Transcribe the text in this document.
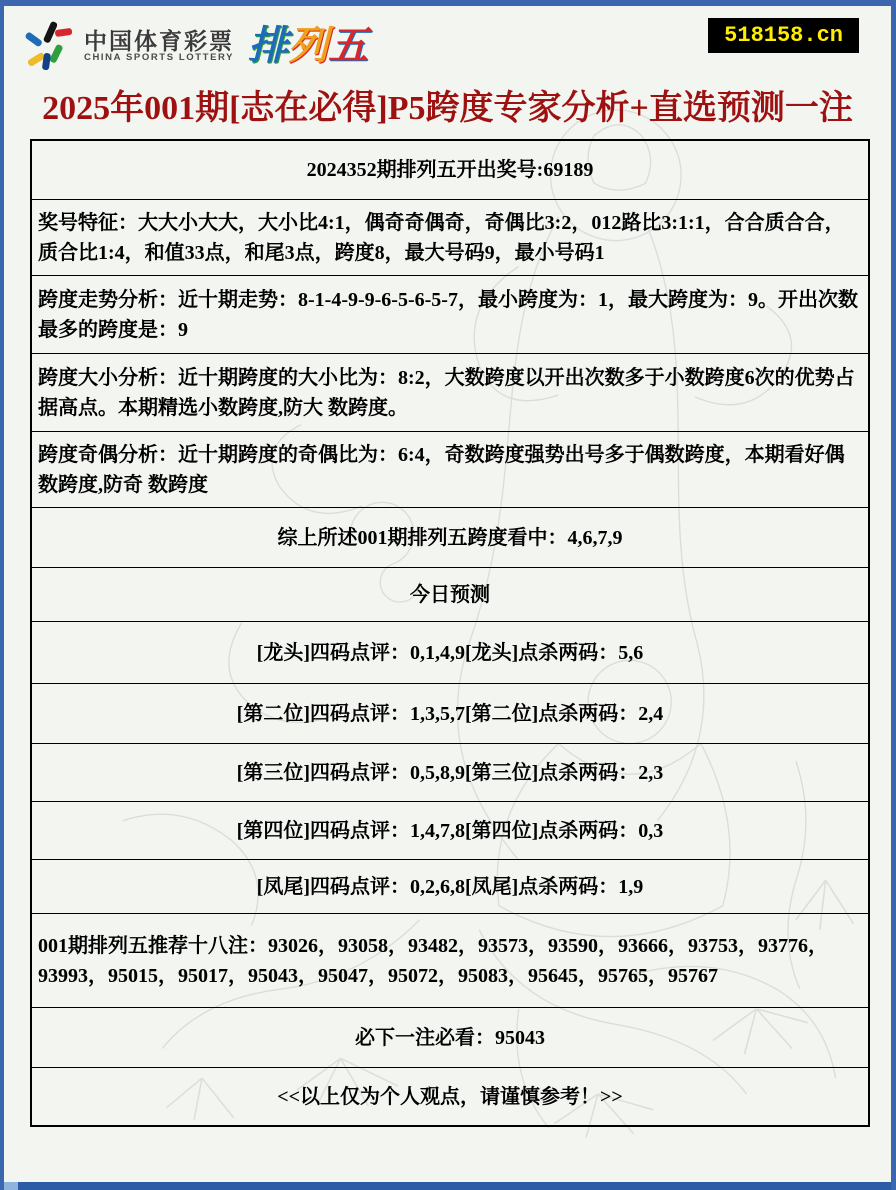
中国体育彩票
CHINA SPORTS LOTTERY 排 列 五	518158.cn
2025年001期[志在必得]P5跨度专家分析+直选预测一注
2024352期排列五开出奖号:69189
奖号特征：大大小大大，大小比4:1，偶奇奇偶奇，奇偶比3:2，012路比3:1:1，合合质合合，质合比1:4，和值33点，和尾3点，跨度8，最大号码9，最小号码1
跨度走势分析：近十期走势：8-1-4-9-9-6-5-6-5-7，最小跨度为：1，最大跨度为：9。开出次数最多的跨度是：9
跨度大小分析：近十期跨度的大小比为：8:2，大数跨度以开出次数多于小数跨度6次的优势占据高点。本期精选小数跨度,防大 数跨度。
跨度奇偶分析：近十期跨度的奇偶比为：6:4，奇数跨度强势出号多于偶数跨度，本期看好偶数跨度,防奇 数跨度
综上所述001期排列五跨度看中：4,6,7,9
今日预测
[龙头]四码点评：0,1,4,9[龙头]点杀两码：5,6
[第二位]四码点评：1,3,5,7[第二位]点杀两码：2,4
[第三位]四码点评：0,5,8,9[第三位]点杀两码：2,3
[第四位]四码点评：1,4,7,8[第四位]点杀两码：0,3
[凤尾]四码点评：0,2,6,8[凤尾]点杀两码：1,9
001期排列五推荐十八注：93026，93058，93482，93573，93590，93666，93753，93776，93993，95015，95017，95043，95047，95072，95083，95645，95765，95767
必下一注必看：95043
<<以上仅为个人观点，请谨慎参考！>>
